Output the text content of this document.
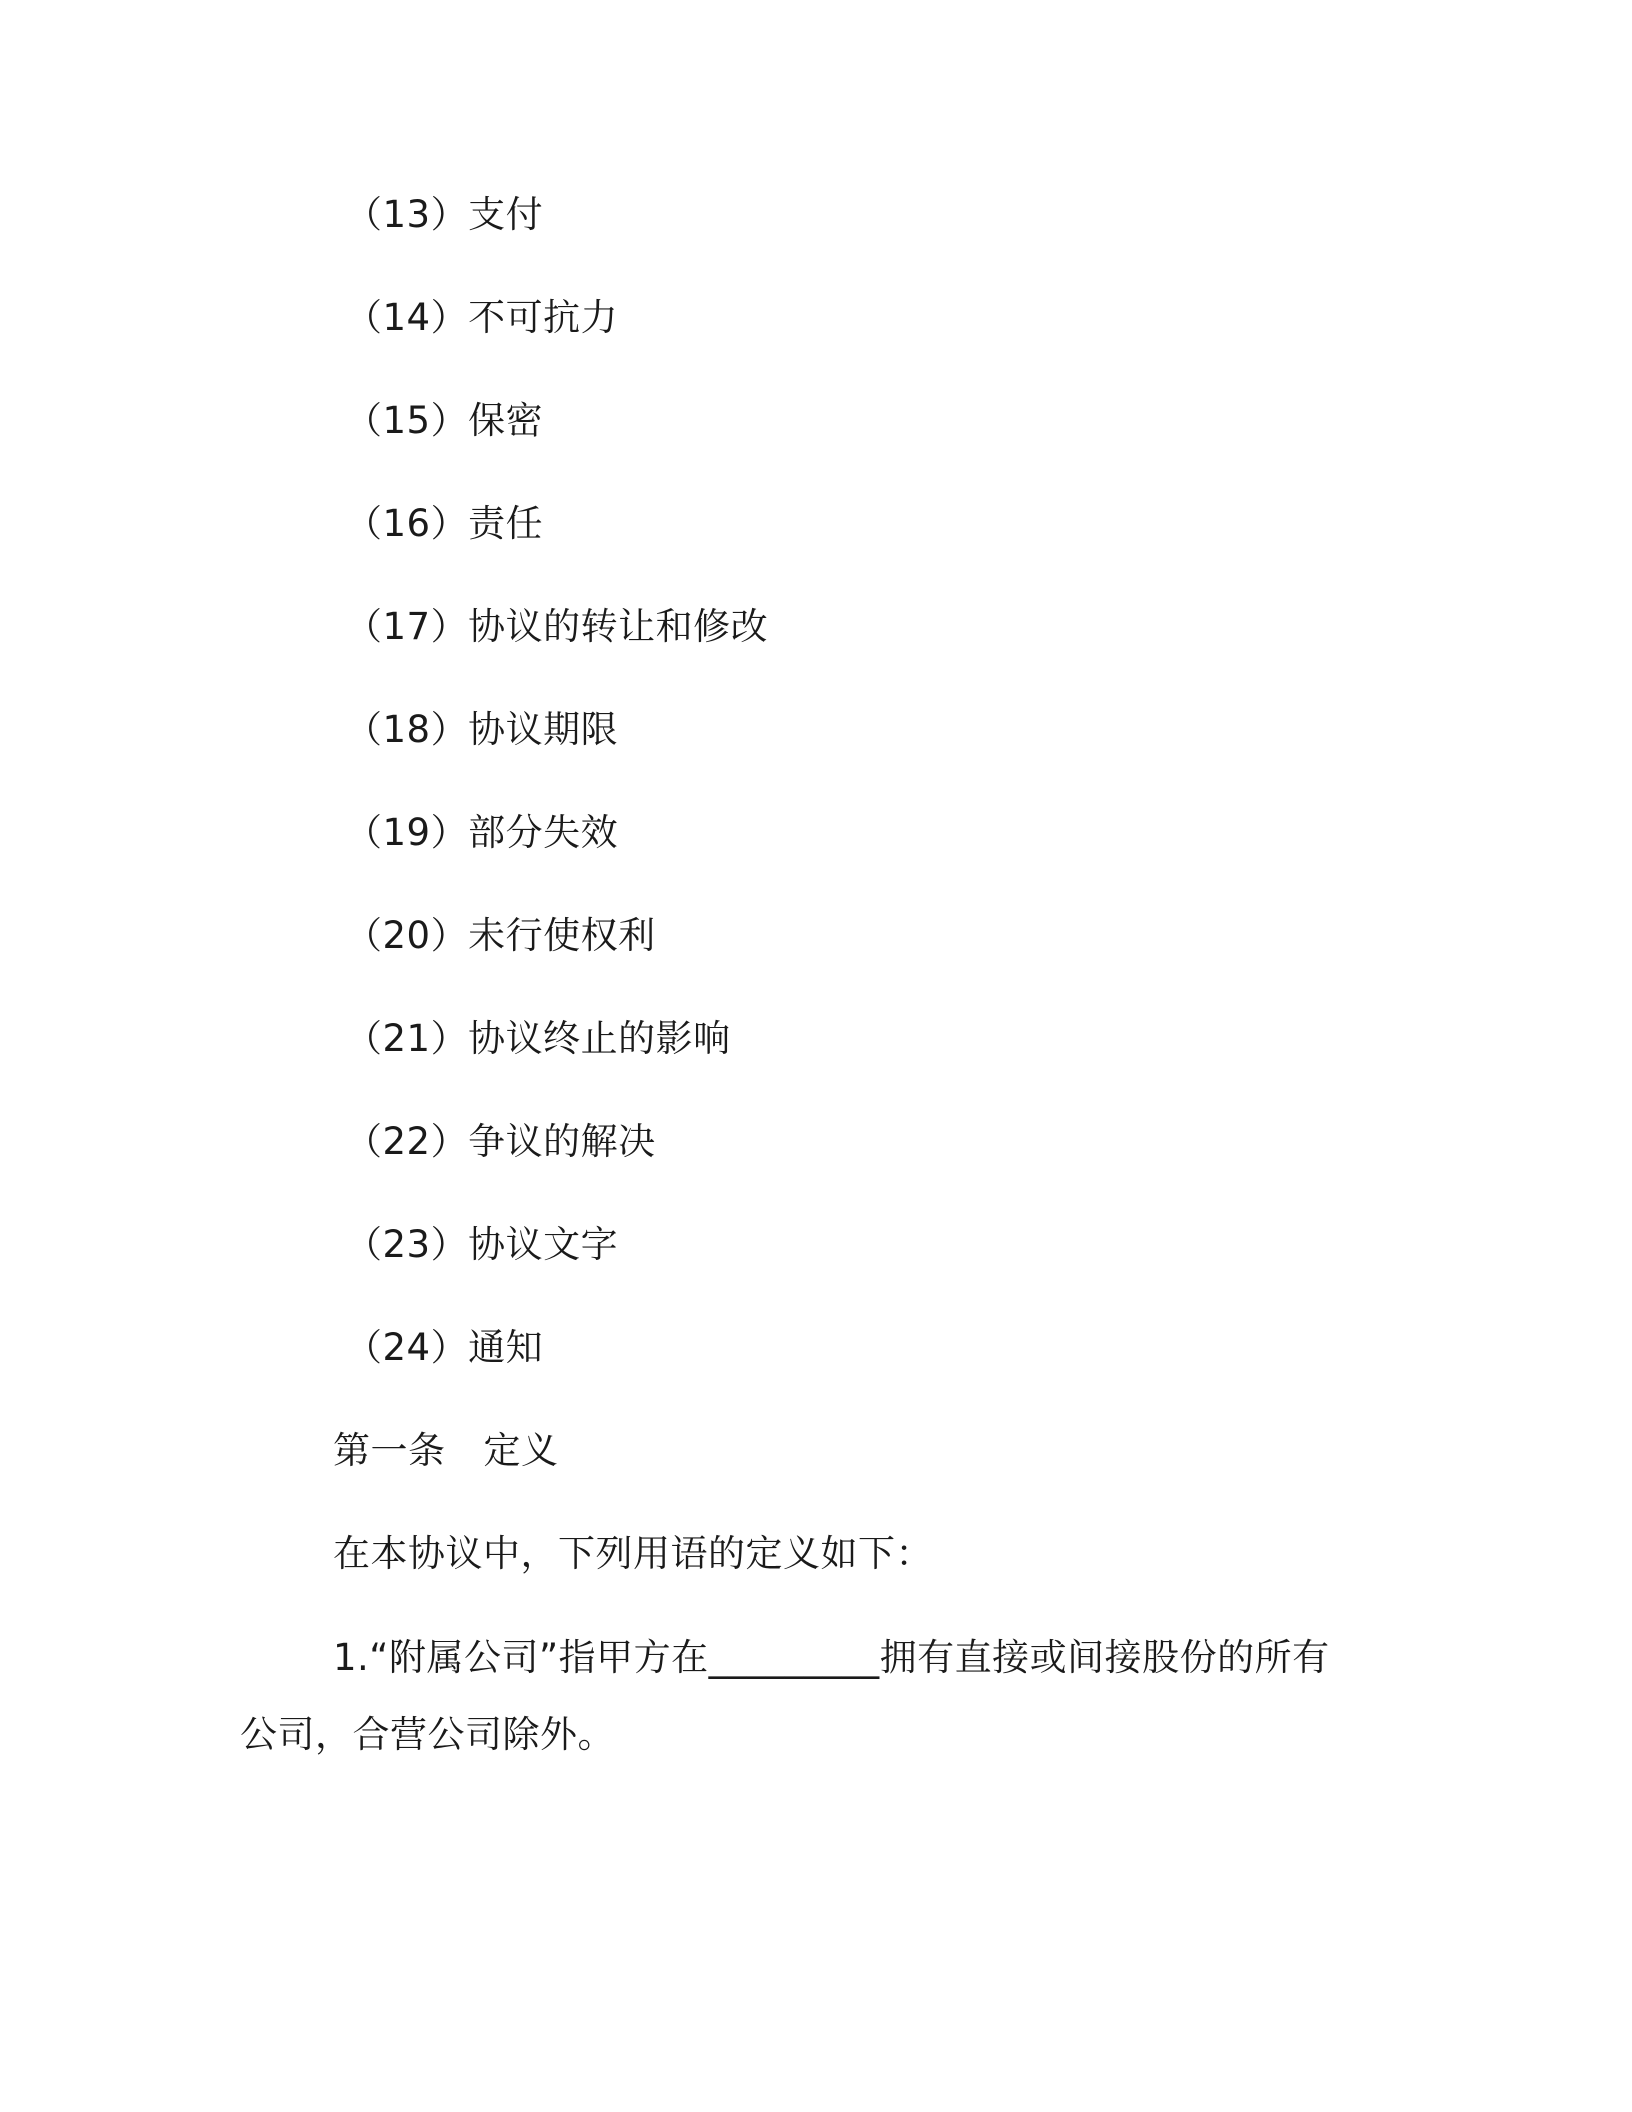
（13）支付
（14）不可抗力
（15）保密
（16）责任
（17）协议的转让和修改
（18）协议期限
（19）部分失效
（20）未行使权利
（21）协议终止的影响
（22）争议的解决
（23）协议文字
（24）通知
第一条 定义
在本协议中，下列用语的定义如下：
1.“附属公司”指甲方在_________拥有直接或间接股份的所有
公司，合营公司除外。
